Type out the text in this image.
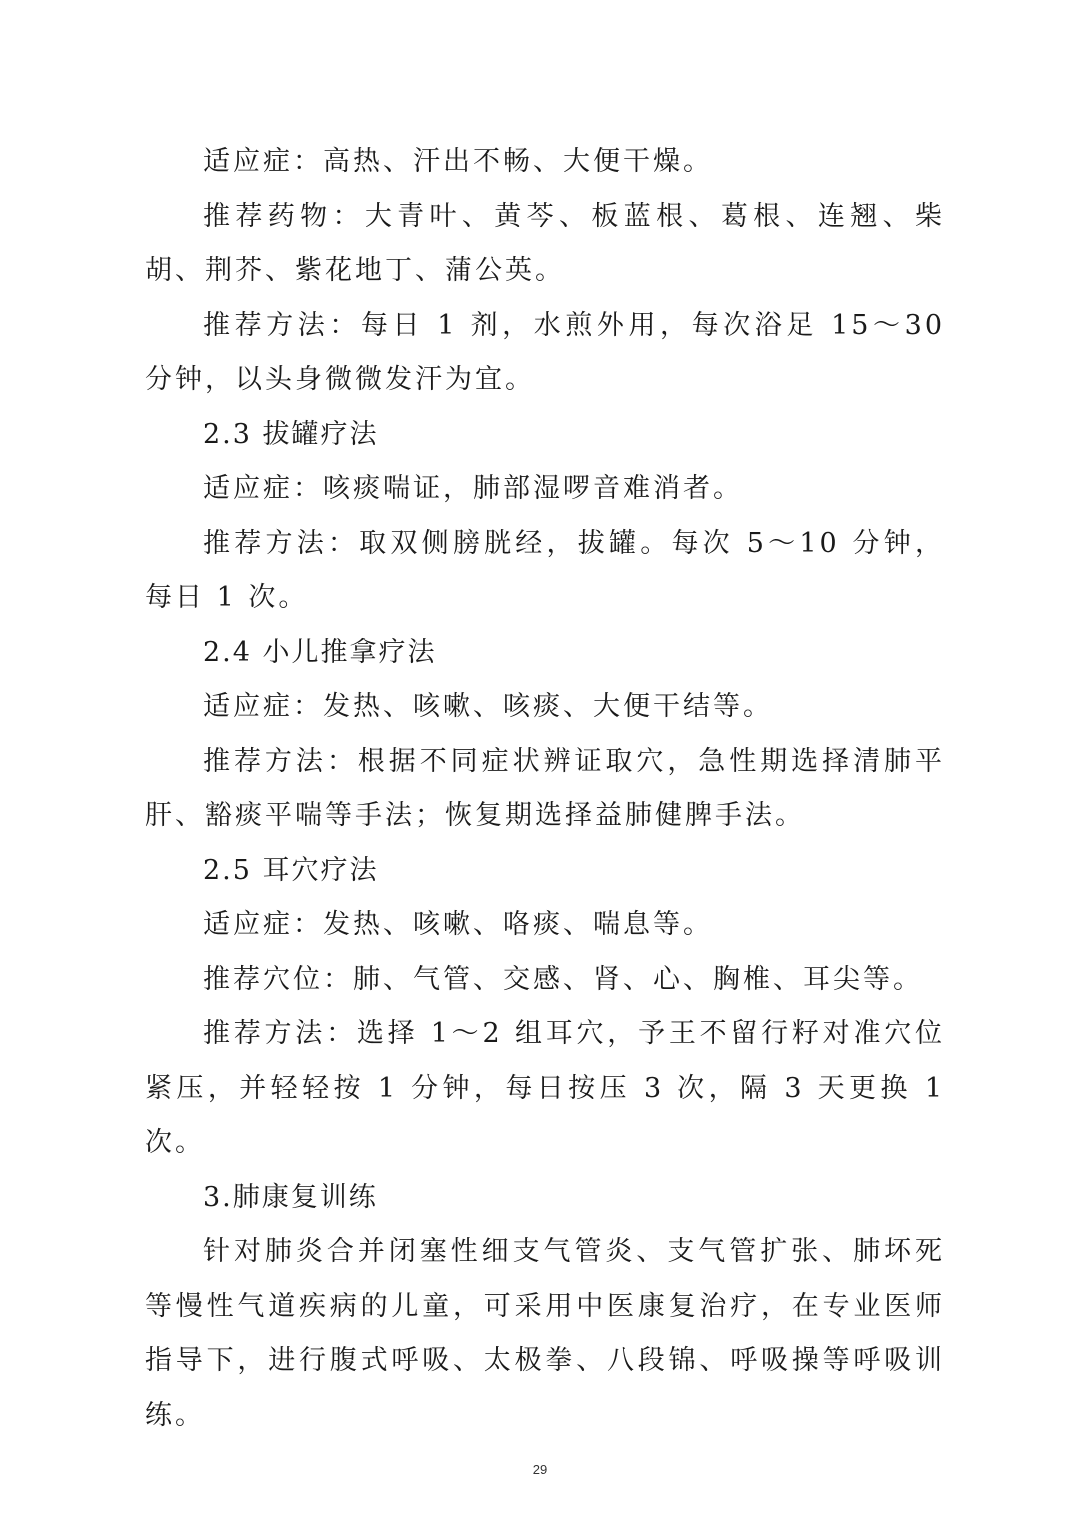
适应症：高热、汗出不畅、大便干燥。

推荐药物：大青叶、黄芩、板蓝根、葛根、连翘、柴胡、荆芥、紫花地丁、蒲公英。

推荐方法：每日 1 剂，水煎外用，每次浴足 15～30 分钟，以头身微微发汗为宜。

2.3 拔罐疗法

适应症：咳痰喘证，肺部湿啰音难消者。

推荐方法：取双侧膀胱经，拔罐。每次 5～10 分钟，每日 1 次。

2.4 小儿推拿疗法

适应症：发热、咳嗽、咳痰、大便干结等。

推荐方法：根据不同症状辨证取穴，急性期选择清肺平肝、豁痰平喘等手法；恢复期选择益肺健脾手法。

2.5 耳穴疗法

适应症：发热、咳嗽、咯痰、喘息等。

推荐穴位：肺、气管、交感、肾、心、胸椎、耳尖等。

推荐方法：选择 1～2 组耳穴，予王不留行籽对准穴位紧压，并轻轻按 1 分钟，每日按压 3 次，隔 3 天更换 1 次。

3.肺康复训练

针对肺炎合并闭塞性细支气管炎、支气管扩张、肺坏死等慢性气道疾病的儿童，可采用中医康复治疗，在专业医师指导下，进行腹式呼吸、太极拳、八段锦、呼吸操等呼吸训练。

29
